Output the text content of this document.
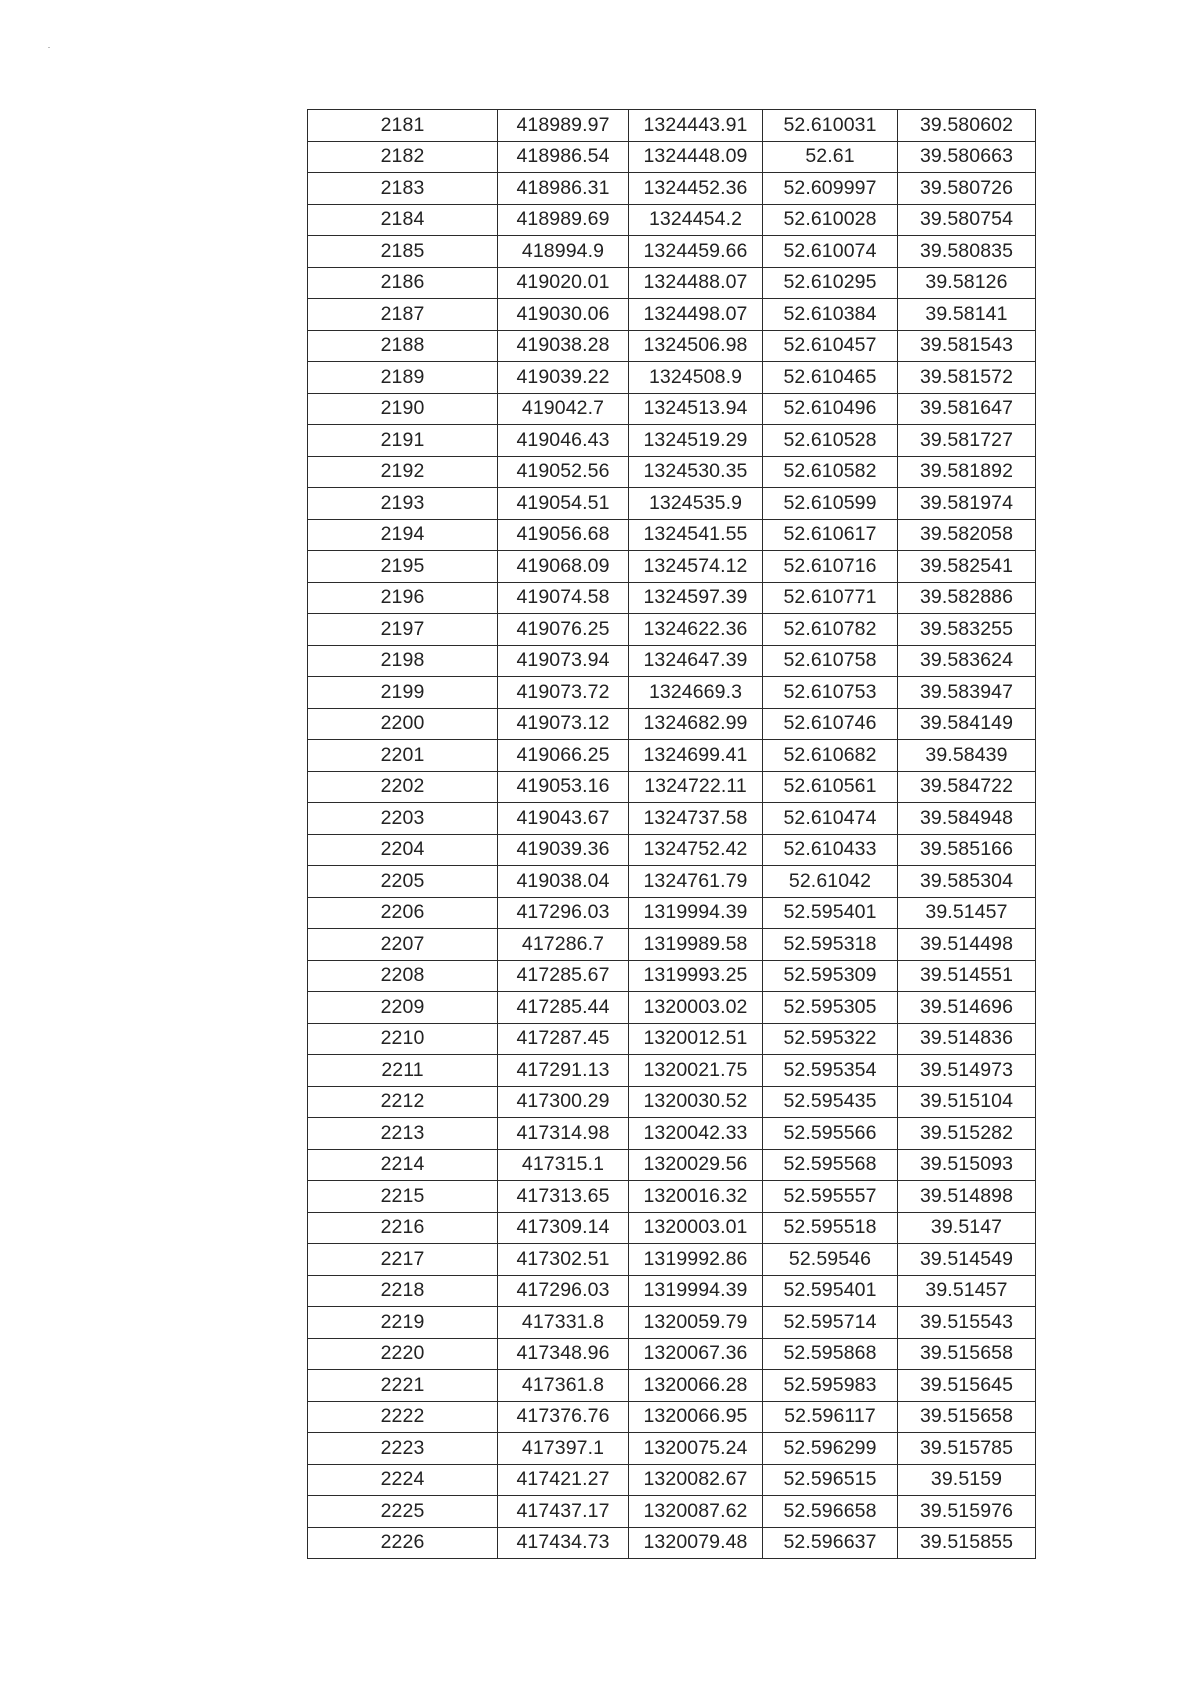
2181	418989.97	1324443.91	52.610031	39.580602
2182	418986.54	1324448.09	52.61	39.580663
2183	418986.31	1324452.36	52.609997	39.580726
2184	418989.69	1324454.2	52.610028	39.580754
2185	418994.9	1324459.66	52.610074	39.580835
2186	419020.01	1324488.07	52.610295	39.58126
2187	419030.06	1324498.07	52.610384	39.58141
2188	419038.28	1324506.98	52.610457	39.581543
2189	419039.22	1324508.9	52.610465	39.581572
2190	419042.7	1324513.94	52.610496	39.581647
2191	419046.43	1324519.29	52.610528	39.581727
2192	419052.56	1324530.35	52.610582	39.581892
2193	419054.51	1324535.9	52.610599	39.581974
2194	419056.68	1324541.55	52.610617	39.582058
2195	419068.09	1324574.12	52.610716	39.582541
2196	419074.58	1324597.39	52.610771	39.582886
2197	419076.25	1324622.36	52.610782	39.583255
2198	419073.94	1324647.39	52.610758	39.583624
2199	419073.72	1324669.3	52.610753	39.583947
2200	419073.12	1324682.99	52.610746	39.584149
2201	419066.25	1324699.41	52.610682	39.58439
2202	419053.16	1324722.11	52.610561	39.584722
2203	419043.67	1324737.58	52.610474	39.584948
2204	419039.36	1324752.42	52.610433	39.585166
2205	419038.04	1324761.79	52.61042	39.585304
2206	417296.03	1319994.39	52.595401	39.51457
2207	417286.7	1319989.58	52.595318	39.514498
2208	417285.67	1319993.25	52.595309	39.514551
2209	417285.44	1320003.02	52.595305	39.514696
2210	417287.45	1320012.51	52.595322	39.514836
2211	417291.13	1320021.75	52.595354	39.514973
2212	417300.29	1320030.52	52.595435	39.515104
2213	417314.98	1320042.33	52.595566	39.515282
2214	417315.1	1320029.56	52.595568	39.515093
2215	417313.65	1320016.32	52.595557	39.514898
2216	417309.14	1320003.01	52.595518	39.5147
2217	417302.51	1319992.86	52.59546	39.514549
2218	417296.03	1319994.39	52.595401	39.51457
2219	417331.8	1320059.79	52.595714	39.515543
2220	417348.96	1320067.36	52.595868	39.515658
2221	417361.8	1320066.28	52.595983	39.515645
2222	417376.76	1320066.95	52.596117	39.515658
2223	417397.1	1320075.24	52.596299	39.515785
2224	417421.27	1320082.67	52.596515	39.5159
2225	417437.17	1320087.62	52.596658	39.515976
2226	417434.73	1320079.48	52.596637	39.515855
